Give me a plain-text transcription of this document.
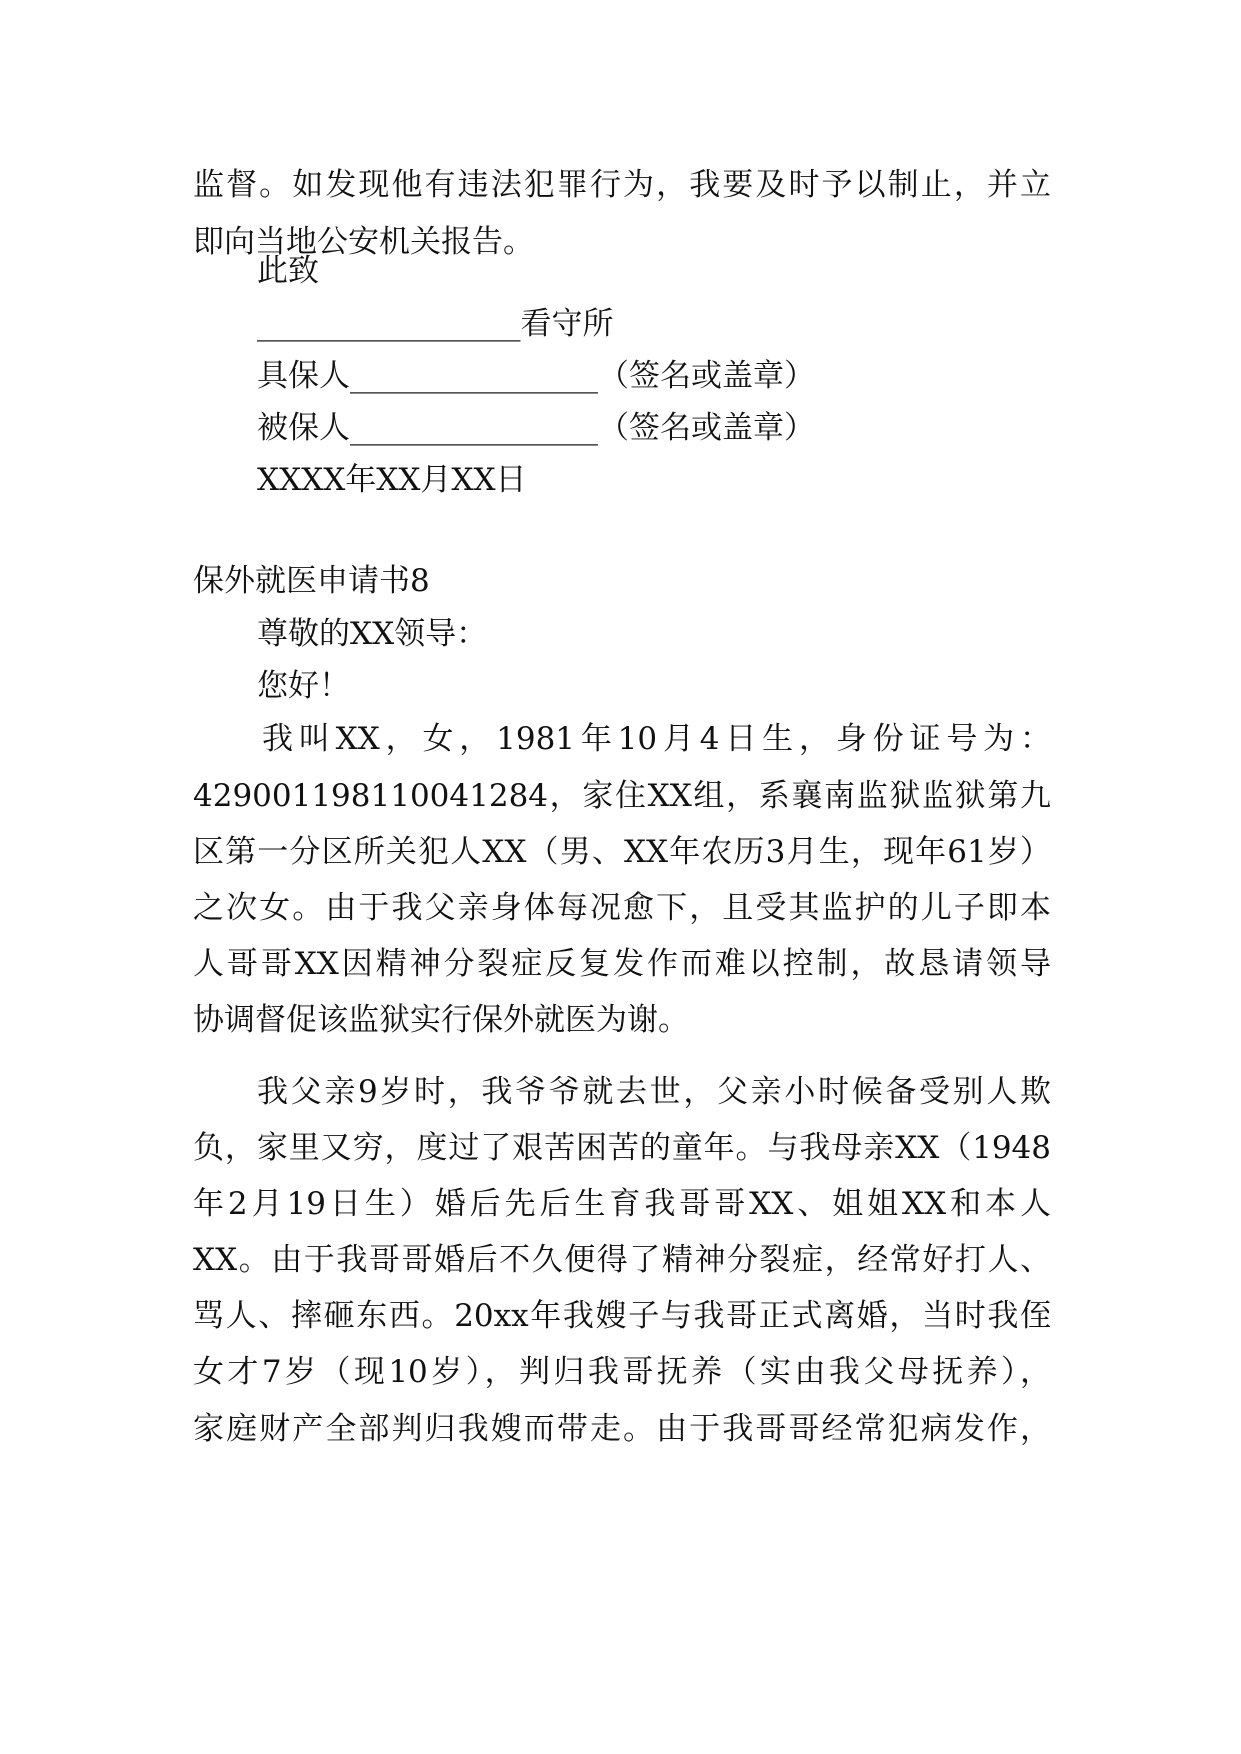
监督。如发现他有违法犯罪行为，我要及时予以制止，并立
即向当地公安机关报告。
此致
_________________看守所
具保人________________（签名或盖章）
被保人________________（签名或盖章）
XXXX年XX月XX日
保外就医申请书8
尊敬的XX领导：
您好！
我叫XX，女，1981年10月4日生，身份证号为：
429001198110041284，家住XX组，系襄南监狱监狱第九
区第一分区所关犯人XX（男、XX年农历3月生，现年61岁）
之次女。由于我父亲身体每况愈下，且受其监护的儿子即本
人哥哥XX因精神分裂症反复发作而难以控制，故恳请领导
协调督促该监狱实行保外就医为谢。
我父亲9岁时，我爷爷就去世，父亲小时候备受别人欺
负，家里又穷，度过了艰苦困苦的童年。与我母亲XX（1948
年2月19日生）婚后先后生育我哥哥XX、姐姐XX和本人
XX。由于我哥哥婚后不久便得了精神分裂症，经常好打人、
骂人、摔砸东西。20xx年我嫂子与我哥正式离婚，当时我侄
女才7岁（现10岁），判归我哥抚养（实由我父母抚养），
家庭财产全部判归我嫂而带走。由于我哥哥经常犯病发作，
